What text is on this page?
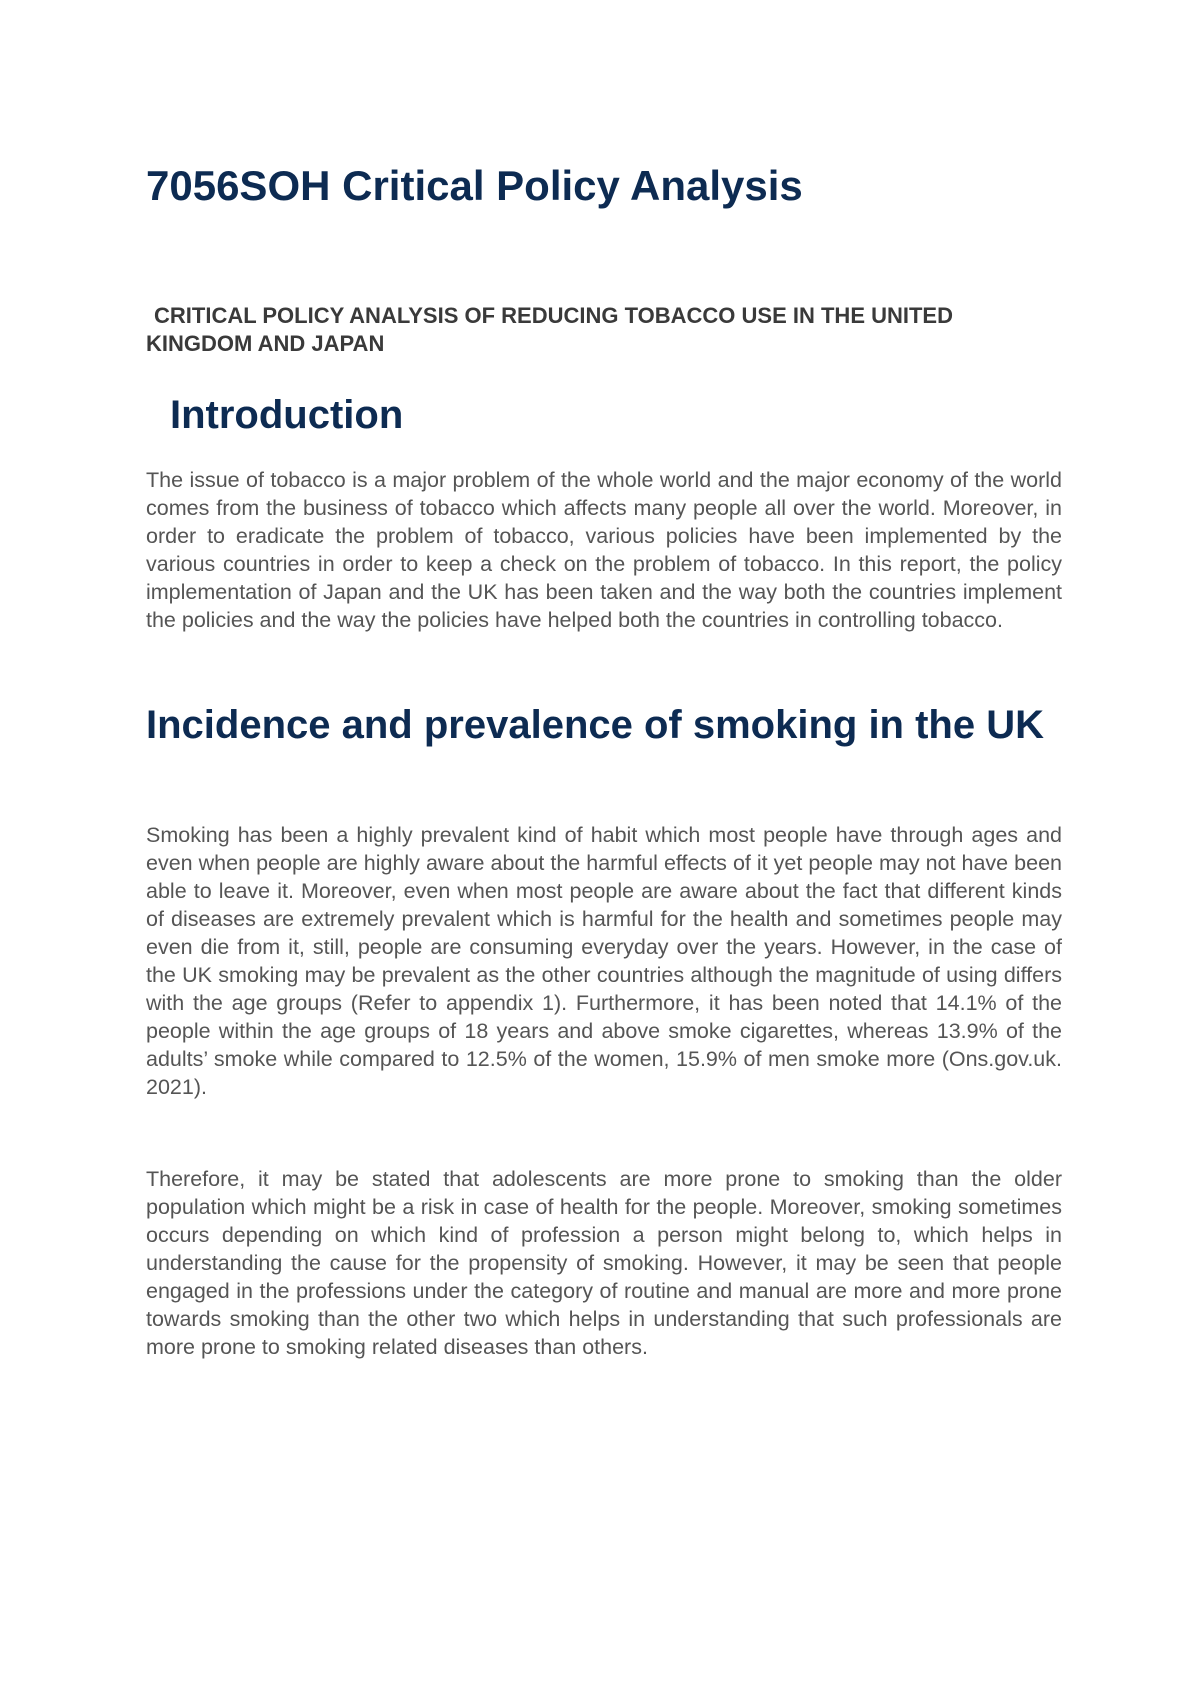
7056SOH Critical Policy Analysis

CRITICAL POLICY ANALYSIS OF REDUCING TOBACCO USE IN THE UNITED KINGDOM AND JAPAN

Introduction

The issue of tobacco is a major problem of the whole world and the major economy of the world comes from the business of tobacco which affects many people all over the world. Moreover, in order to eradicate the problem of tobacco, various policies have been implemented by the various countries in order to keep a check on the problem of tobacco. In this report, the policy implementation of Japan and the UK has been taken and the way both the countries implement the policies and the way the policies have helped both the countries in controlling tobacco.

Incidence and prevalence of smoking in the UK

Smoking has been a highly prevalent kind of habit which most people have through ages and even when people are highly aware about the harmful effects of it yet people may not have been able to leave it. Moreover, even when most people are aware about the fact that different kinds of diseases are extremely prevalent which is harmful for the health and sometimes people may even die from it, still, people are consuming everyday over the years. However, in the case of the UK smoking may be prevalent as the other countries although the magnitude of using differs with the age groups (Refer to appendix 1). Furthermore, it has been noted that 14.1% of the people within the age groups of 18 years and above smoke cigarettes, whereas 13.9% of the adults’ smoke while compared to 12.5% of the women, 15.9% of men smoke more (Ons.gov.uk. 2021).

Therefore, it may be stated that adolescents are more prone to smoking than the older population which might be a risk in case of health for the people. Moreover, smoking sometimes occurs depending on which kind of profession a person might belong to, which helps in understanding the cause for the propensity of smoking. However, it may be seen that people engaged in the professions under the category of routine and manual are more and more prone towards smoking than the other two which helps in understanding that such professionals are more prone to smoking related diseases than others.
